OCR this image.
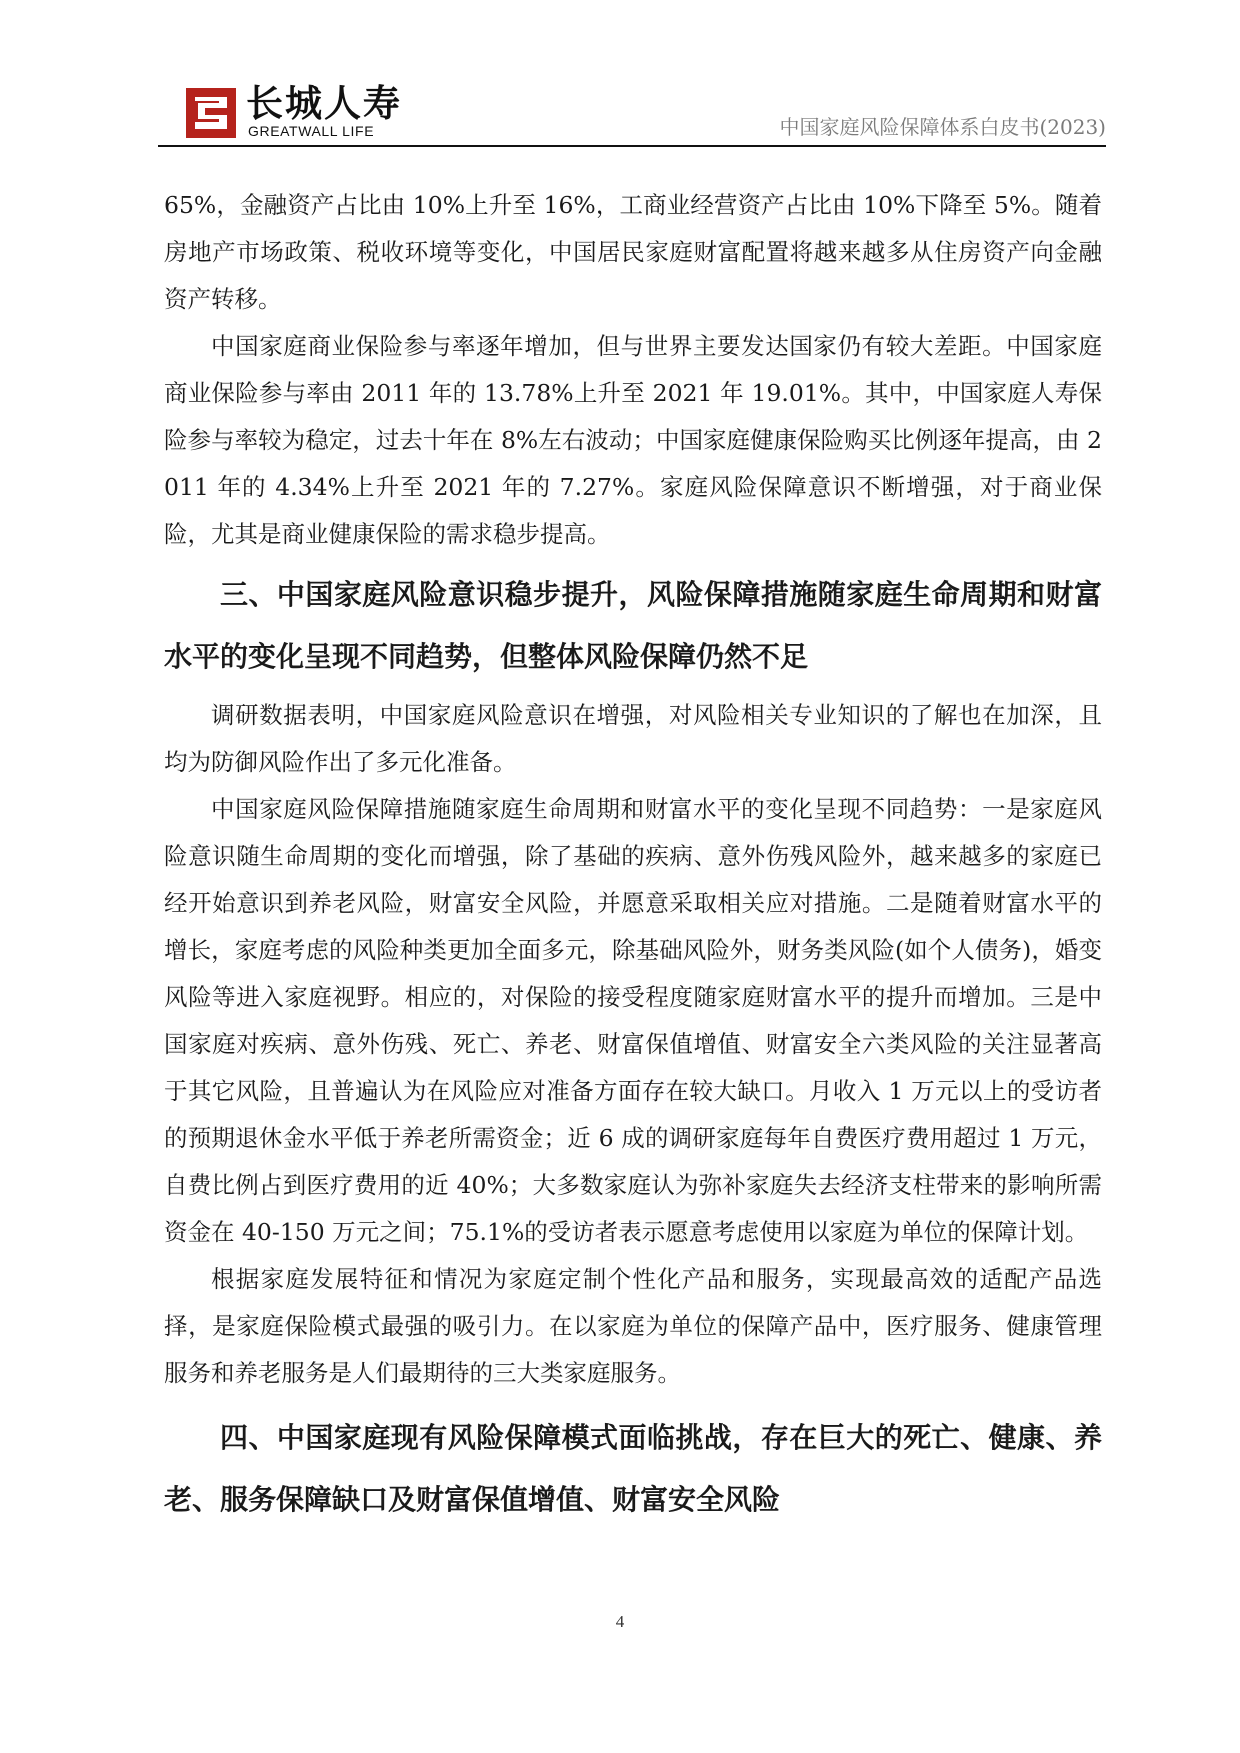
长城人寿
GREATWALL LIFE	中国家庭风险保障体系白皮书(2023)

65%，金融资产占比由 10%上升至 16%，工商业经营资产占比由 10%下降至 5%。随着房地产市场政策、税收环境等变化，中国居民家庭财富配置将越来越多从住房资产向金融资产转移。

中国家庭商业保险参与率逐年增加，但与世界主要发达国家仍有较大差距。中国家庭商业保险参与率由 2011 年的 13.78%上升至 2021 年 19.01%。其中，中国家庭人寿保险参与率较为稳定，过去十年在 8%左右波动；中国家庭健康保险购买比例逐年提高，由 2011 年的 4.34%上升至 2021 年的 7.27%。家庭风险保障意识不断增强，对于商业保险，尤其是商业健康保险的需求稳步提高。

三、中国家庭风险意识稳步提升，风险保障措施随家庭生命周期和财富水平的变化呈现不同趋势，但整体风险保障仍然不足

调研数据表明，中国家庭风险意识在增强，对风险相关专业知识的了解也在加深，且均为防御风险作出了多元化准备。

中国家庭风险保障措施随家庭生命周期和财富水平的变化呈现不同趋势：一是家庭风险意识随生命周期的变化而增强，除了基础的疾病、意外伤残风险外，越来越多的家庭已经开始意识到养老风险，财富安全风险，并愿意采取相关应对措施。二是随着财富水平的增长，家庭考虑的风险种类更加全面多元，除基础风险外，财务类风险(如个人债务)，婚变风险等进入家庭视野。相应的，对保险的接受程度随家庭财富水平的提升而增加。三是中国家庭对疾病、意外伤残、死亡、养老、财富保值增值、财富安全六类风险的关注显著高于其它风险，且普遍认为在风险应对准备方面存在较大缺口。月收入 1 万元以上的受访者的预期退休金水平低于养老所需资金；近 6 成的调研家庭每年自费医疗费用超过 1 万元，自费比例占到医疗费用的近 40%；大多数家庭认为弥补家庭失去经济支柱带来的影响所需资金在 40-150 万元之间；75.1%的受访者表示愿意考虑使用以家庭为单位的保障计划。

根据家庭发展特征和情况为家庭定制个性化产品和服务，实现最高效的适配产品选择，是家庭保险模式最强的吸引力。在以家庭为单位的保障产品中，医疗服务、健康管理服务和养老服务是人们最期待的三大类家庭服务。

四、中国家庭现有风险保障模式面临挑战，存在巨大的死亡、健康、养老、服务保障缺口及财富保值增值、财富安全风险
4
